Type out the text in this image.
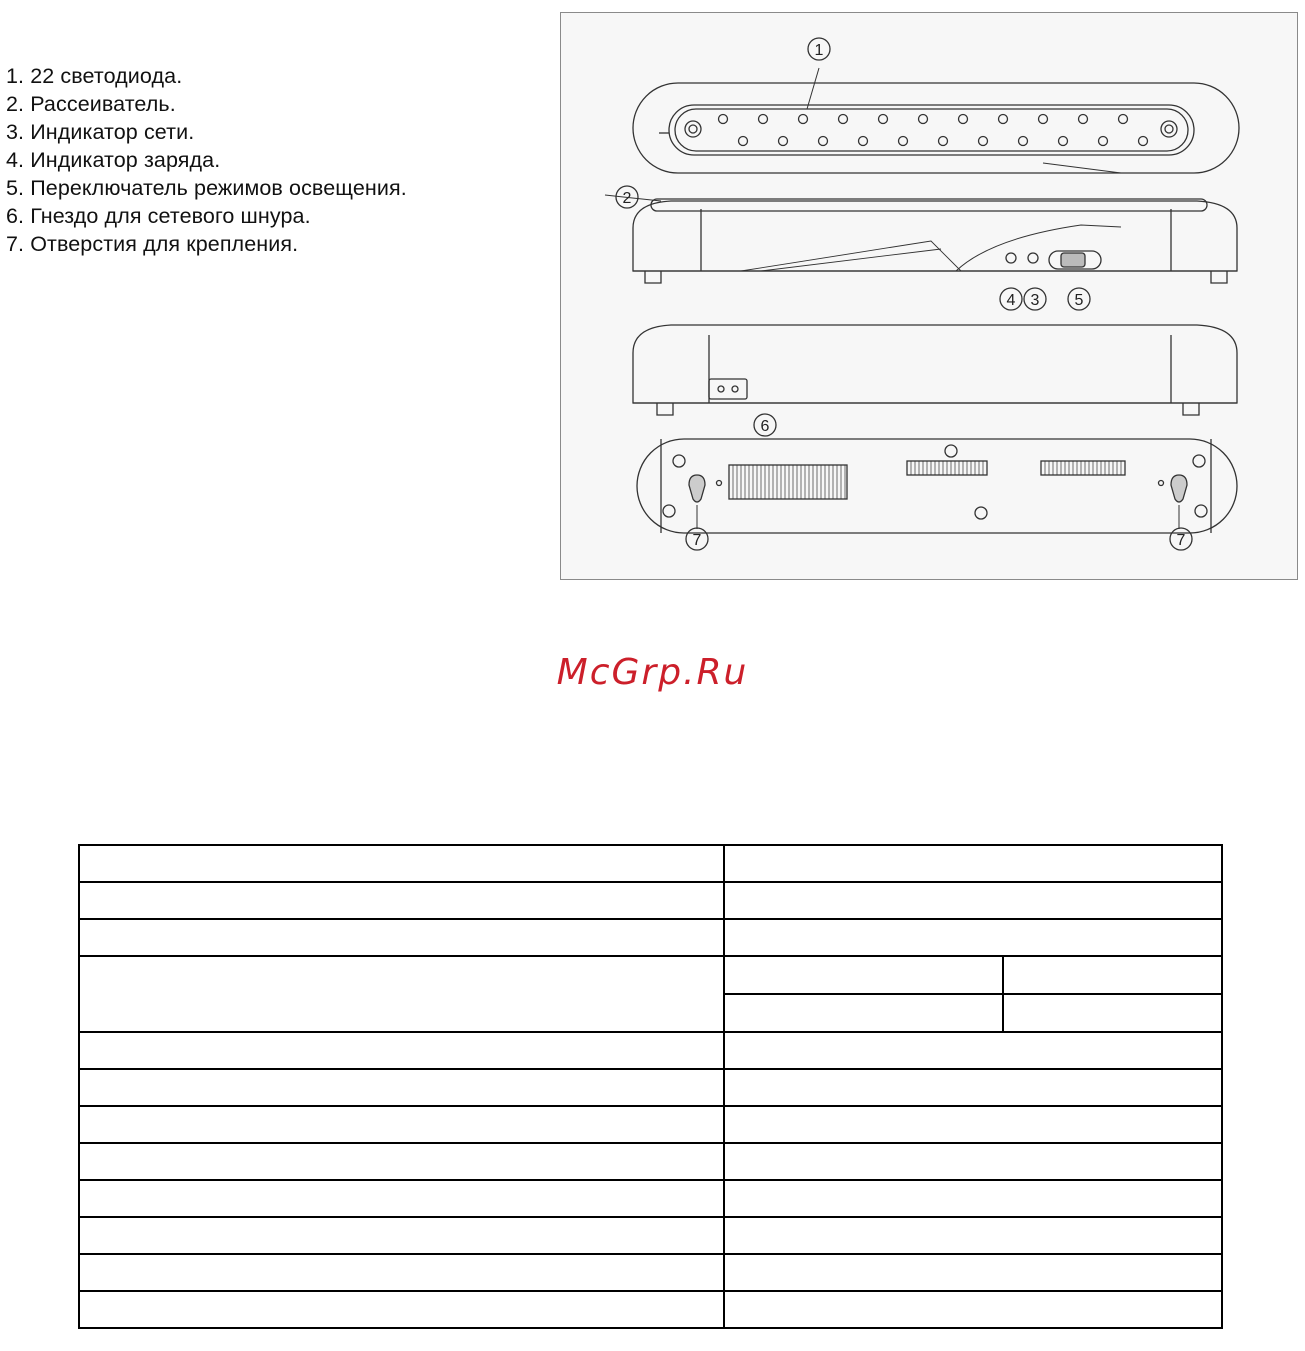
1. 22 светодиода.
2. Рассеиватель.
3. Индикатор сети.
4. Индикатор заряда.
5. Переключатель режимов освещения.
6. Гнездо для сетевого шнура.
7. Отверстия для крепления.
1
2
4 3 5
6
7	7
McGrp.Ru
